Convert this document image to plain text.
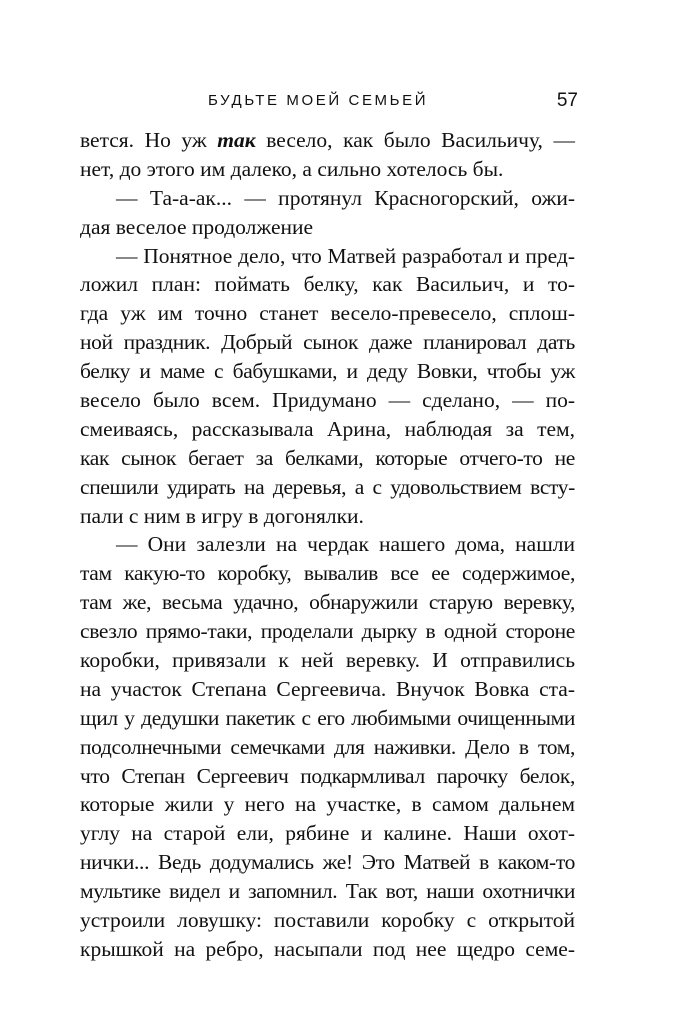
БУДЬТЕ МОЕЙ СЕМЬЕЙ	57
вется. Но уж так весело, как было Васильичу, —
нет, до этого им далеко, а сильно хотелось бы.
— Та-а-ак... — протянул Красногорский, ожи-
дая веселое продолжение
— Понятное дело, что Матвей разработал и пред-
ложил план: поймать белку, как Васильич, и то-
гда уж им точно станет весело-превесело, сплош-
ной праздник. Добрый сынок даже планировал дать
белку и маме с бабушками, и деду Вовки, чтобы уж
весело было всем. Придумано — сделано, — по-
смеиваясь, рассказывала Арина, наблюдая за тем,
как сынок бегает за белками, которые отчего-то не
спешили удирать на деревья, а с удовольствием всту-
пали с ним в игру в догонялки.
— Они залезли на чердак нашего дома, нашли
там какую-то коробку, вывалив все ее содержимое,
там же, весьма удачно, обнаружили старую веревку,
свезло прямо-таки, проделали дырку в одной стороне
коробки, привязали к ней веревку. И отправились
на участок Степана Сергеевича. Внучок Вовка ста-
щил у дедушки пакетик с его любимыми очищенными
подсолнечными семечками для наживки. Дело в том,
что Степан Сергеевич подкармливал парочку белок,
которые жили у него на участке, в самом дальнем
углу на старой ели, рябине и калине. Наши охот-
нички... Ведь додумались же! Это Матвей в каком-то
мультике видел и запомнил. Так вот, наши охотнички
устроили ловушку: поставили коробку с открытой
крышкой на ребро, насыпали под нее щедро семе-
